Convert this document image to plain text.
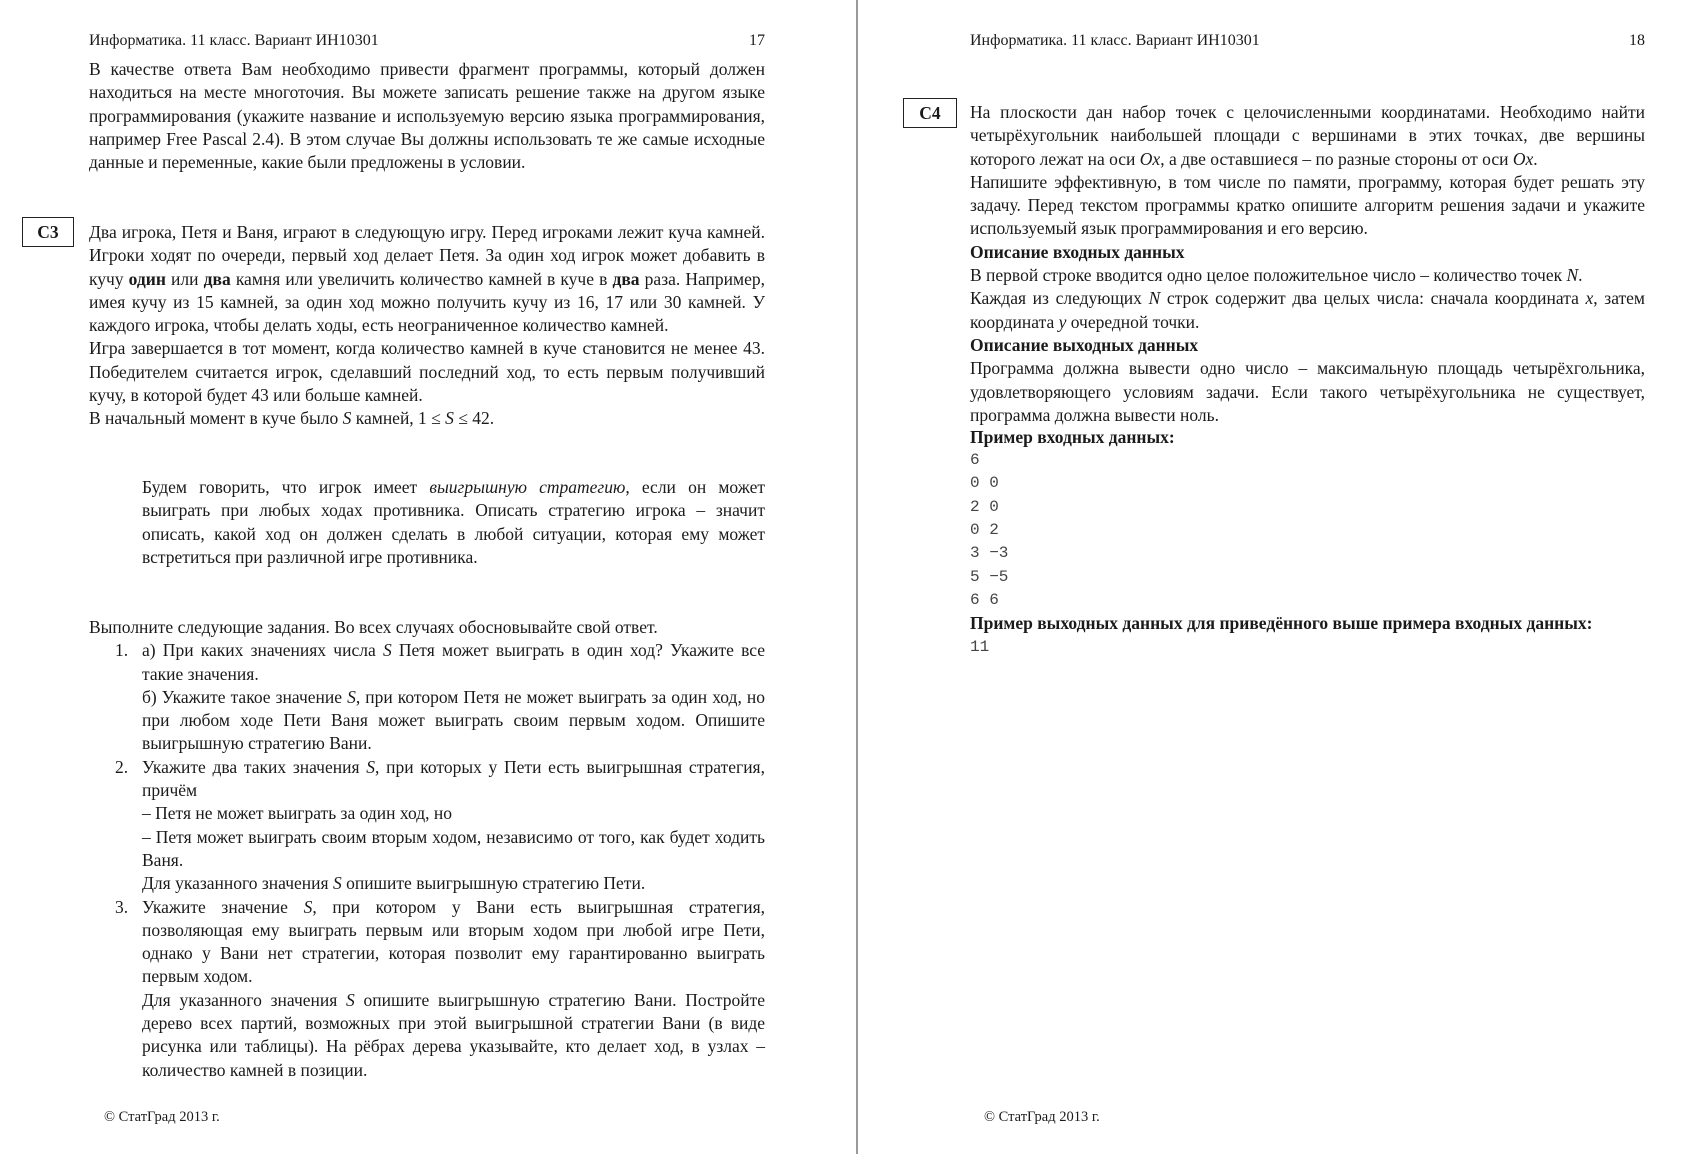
Информатика. 11 класс. Вариант ИН10301	17
В качестве ответа Вам необходимо привести фрагмент программы, который должен находиться на месте многоточия. Вы можете записать решение также на другом языке программирования (укажите название и используемую версию языка программирования, например Free Pascal 2.4). В этом случае Вы должны использовать те же самые исходные данные и переменные, какие были предложены в условии.
С3	Два игрока, Петя и Ваня, играют в следующую игру. Перед игроками лежит куча камней. Игроки ходят по очереди, первый ход делает Петя. За один ход игрок может добавить в кучу один или два камня или увеличить количество камней в куче в два раза. Например, имея кучу из 15 камней, за один ход можно получить кучу из 16, 17 или 30 камней. У каждого игрока, чтобы делать ходы, есть неограниченное количество камней.

Игра завершается в тот момент, когда количество камней в куче становится не менее 43. Победителем считается игрок, сделавший последний ход, то есть первым получивший кучу, в которой будет 43 или больше камней.

В начальный момент в куче было S камней, 1 ≤ S ≤ 42.

Будем говорить, что игрок имеет выигрышную стратегию, если он может выиграть при любых ходах противника. Описать стратегию игрока – значит описать, какой ход он должен сделать в любой ситуации, которая ему может встретиться при различной игре противника.

Выполните следующие задания. Во всех случаях обосновывайте свой ответ.

1. а) При каких значениях числа S Петя может выиграть в один ход? Укажите все такие значения.

б) Укажите такое значение S, при котором Петя не может выиграть за один ход, но при любом ходе Пети Ваня может выиграть своим первым ходом. Опишите выигрышную стратегию Вани.

2. Укажите два таких значения S, при которых у Пети есть выигрышная стратегия, причём

– Петя не может выиграть за один ход, но

– Петя может выиграть своим вторым ходом, независимо от того, как будет ходить Ваня.

Для указанного значения S опишите выигрышную стратегию Пети.

3. Укажите значение S, при котором у Вани есть выигрышная стратегия, позволяющая ему выиграть первым или вторым ходом при любой игре Пети, однако у Вани нет стратегии, которая позволит ему гарантированно выиграть первым ходом.

Для указанного значения S опишите выигрышную стратегию Вани. Постройте дерево всех партий, возможных при этой выигрышной стратегии Вани (в виде рисунка или таблицы). На рёбрах дерева указывайте, кто делает ход, в узлах – количество камней в позиции.

© СтатГрад 2013 г.
Информатика. 11 класс. Вариант ИН10301	18
С4	На плоскости дан набор точек с целочисленными координатами. Необходимо найти четырёхугольник наибольшей площади с вершинами в этих точках, две вершины которого лежат на оси Ox, а две оставшиеся – по разные стороны от оси Ox.

Напишите эффективную, в том числе по памяти, программу, которая будет решать эту задачу. Перед текстом программы кратко опишите алгоритм решения задачи и укажите используемый язык программирования и его версию.

Описание входных данных

В первой строке вводится одно целое положительное число – количество точек N.

Каждая из следующих N строк содержит два целых числа: сначала координата x, затем координата y очередной точки.

Описание выходных данных

Программа должна вывести одно число – максимальную площадь четырёхгольника, удовлетворяющего условиям задачи. Если такого четырёхугольника не существует, программа должна вывести ноль.

Пример входных данных:

6
0 0
2 0
0 2
3 −3
5 −5
6 6

Пример выходных данных для приведённого выше примера входных данных:

11
© СтатГрад 2013 г.
